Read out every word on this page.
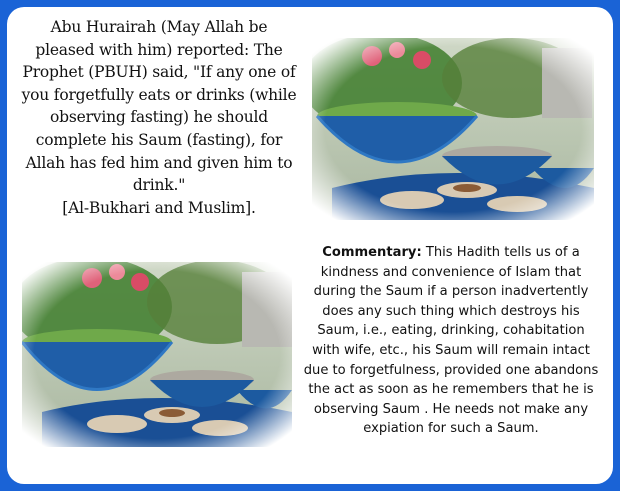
Abu Hurairah (May Allah be
pleased with him) reported: The
Prophet (PBUH) said, "If any one of
you forgetfully eats or drinks (while
observing fasting) he should
complete his Saum (fasting), for
Allah has fed him and given him to
drink."

[Al-Bukhari and Muslim].
Commentary: This Hadith tells us of a kindness and convenience of Islam that during the Saum if a person inadvertently does any such thing which destroys his Saum, i.e., eating, drinking, cohabitation with wife, etc., his Saum will remain intact due to forgetfulness, provided one abandons the act as soon as he remembers that he is observing Saum . He needs not make any expiation for such a Saum.
